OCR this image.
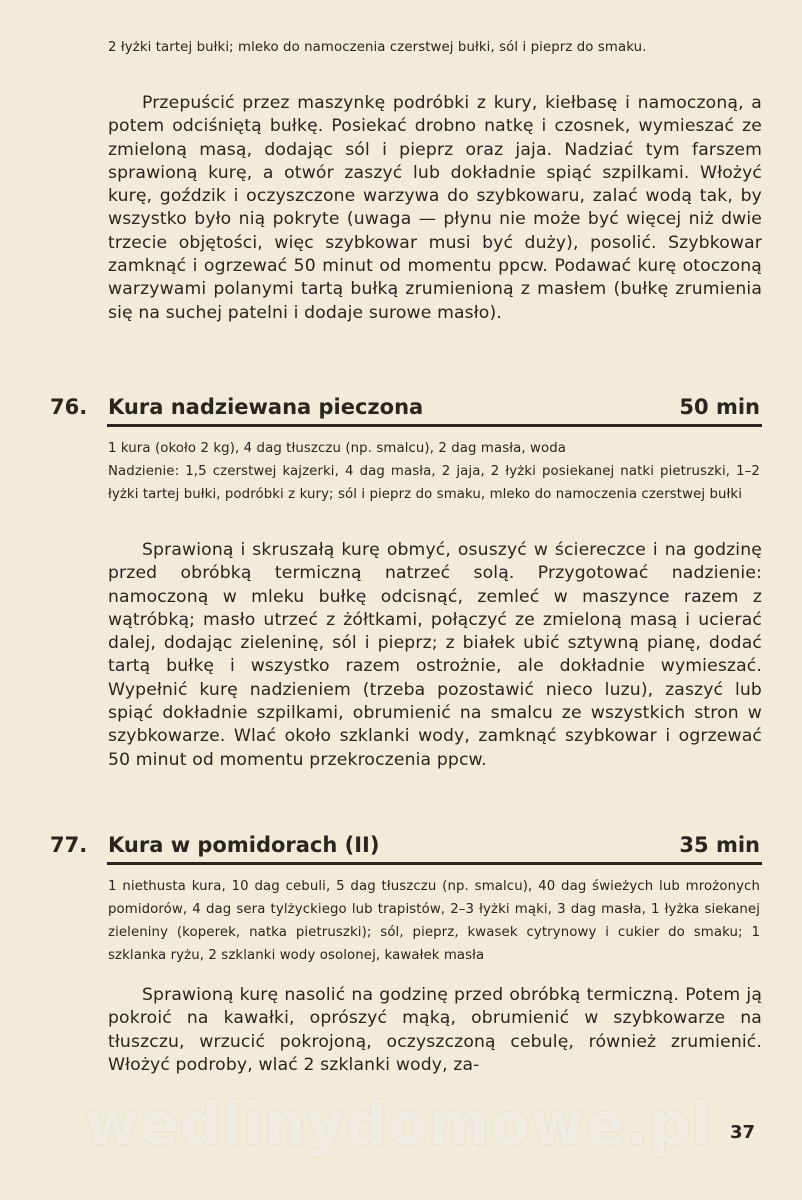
2 łyżki tartej bułki; mleko do namoczenia czerstwej bułki, sól i pieprz do smaku.
Przepuścić przez maszynkę podróbki z kury, kiełbasę i namoczoną, a potem odciśniętą bułkę. Posiekać drobno natkę i czosnek, wymieszać ze zmieloną masą, dodając sól i pieprz oraz jaja. Nadziać tym farszem sprawioną kurę, a otwór zaszyć lub dokładnie spiąć szpilkami. Włożyć kurę, goździk i oczyszczone warzywa do szybkowaru, zalać wodą tak, by wszystko było nią pokryte (uwaga — płynu nie może być więcej niż dwie trzecie objętości, więc szybkowar musi być duży), posolić. Szybkowar zamknąć i ogrzewać 50 minut od momentu ppcw. Podawać kurę otoczoną warzywami polanymi tartą bułką zrumienioną z masłem (bułkę zrumienia się na suchej patelni i dodaje surowe masło).
76. Kura nadziewana pieczona	50 min
1 kura (około 2 kg), 4 dag tłuszczu (np. smalcu), 2 dag masła, woda
Nadzienie: 1,5 czerstwej kajzerki, 4 dag masła, 2 jaja, 2 łyżki posiekanej natki pietruszki, 1–2 łyżki tartej bułki, podróbki z kury; sól i pieprz do smaku, mleko do namoczenia czerstwej bułki
Sprawioną i skruszałą kurę obmyć, osuszyć w ściereczce i na godzinę przed obróbką termiczną natrzeć solą. Przygotować nadzienie: namoczoną w mleku bułkę odcisnąć, zemleć w maszynce razem z wątróbką; masło utrzeć z żółtkami, połączyć ze zmieloną masą i ucierać dalej, dodając zieleninę, sól i pieprz; z białek ubić sztywną pianę, dodać tartą bułkę i wszystko razem ostrożnie, ale dokładnie wymieszać. Wypełnić kurę nadzieniem (trzeba pozostawić nieco luzu), zaszyć lub spiąć dokładnie szpilkami, obrumienić na smalcu ze wszystkich stron w szybkowarze. Wlać około szklanki wody, zamknąć szybkowar i ogrzewać 50 minut od momentu przekroczenia ppcw.
77. Kura w pomidorach (II)	35 min
1 niethusta kura, 10 dag cebuli, 5 dag tłuszczu (np. smalcu), 40 dag świeżych lub mrożonych pomidorów, 4 dag sera tylżyckiego lub trapistów, 2–3 łyżki mąki, 3 dag masła, 1 łyżka siekanej zieleniny (koperek, natka pietruszki); sól, pieprz, kwasek cytrynowy i cukier do smaku; 1 szklanka ryżu, 2 szklanki wody osolonej, kawałek masła
Sprawioną kurę nasolić na godzinę przed obróbką termiczną. Potem ją pokroić na kawałki, oprószyć mąką, obrumienić w szybkowarze na tłuszczu, wrzucić pokrojoną, oczyszczoną cebulę, również zrumienić. Włożyć podroby, wlać 2 szklanki wody, za-
wedlinydomowe.pl 37
